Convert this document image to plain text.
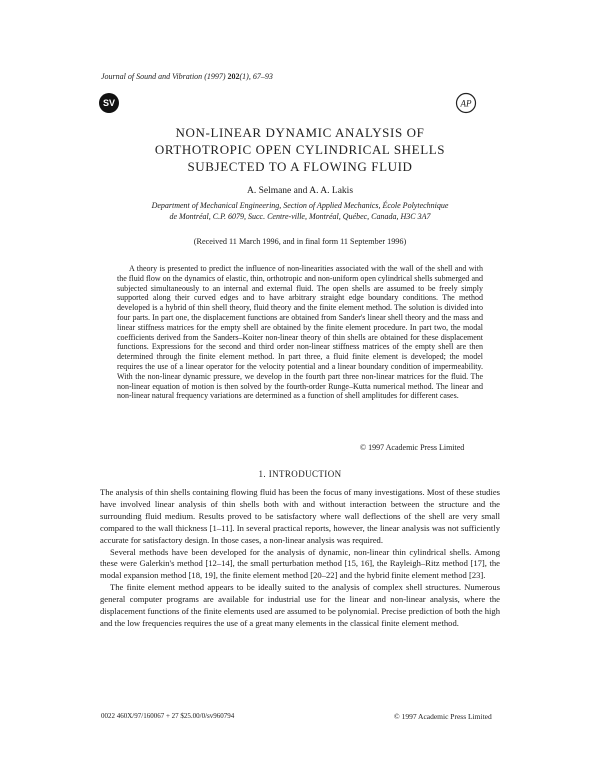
Journal of Sound and Vibration (1997) 202(1), 67–93
SV	AP
NON-LINEAR DYNAMIC ANALYSIS OF
ORTHOTROPIC OPEN CYLINDRICAL SHELLS
SUBJECTED TO A FLOWING FLUID
A. Selmane and A. A. Lakis
Department of Mechanical Engineering, Section of Applied Mechanics, École Polytechnique
de Montréal, C.P. 6079, Succ. Centre-ville, Montréal, Québec, Canada, H3C 3A7
(Received 11 March 1996, and in final form 11 September 1996)

A theory is presented to predict the influence of non-linearities associated with the wall of the shell and with the fluid flow on the dynamics of elastic, thin, orthotropic and non-uniform open cylindrical shells submerged and subjected simultaneously to an internal and external fluid. The open shells are assumed to be freely simply supported along their curved edges and to have arbitrary straight edge boundary conditions. The method developed is a hybrid of thin shell theory, fluid theory and the finite element method. The solution is divided into four parts. In part one, the displacement functions are obtained from Sander's linear shell theory and the mass and linear stiffness matrices for the empty shell are obtained by the finite element procedure. In part two, the modal coefficients derived from the Sanders–Koiter non-linear theory of thin shells are obtained for these displacement functions. Expressions for the second and third order non-linear stiffness matrices of the empty shell are then determined through the finite element method. In part three, a fluid finite element is developed; the model requires the use of a linear operator for the velocity potential and a linear boundary condition of impermeability. With the non-linear dynamic pressure, we develop in the fourth part three non-linear matrices for the fluid. The non-linear equation of motion is then solved by the fourth-order Runge–Kutta numerical method. The linear and non-linear natural frequency variations are determined as a function of shell amplitudes for different cases.

© 1997 Academic Press Limited
1. INTRODUCTION

The analysis of thin shells containing flowing fluid has been the focus of many investigations. Most of these studies have involved linear analysis of thin shells both with and without interaction between the structure and the surrounding fluid medium. Results proved to be satisfactory where wall deflections of the shell are very small compared to the wall thickness [1–11]. In several practical reports, however, the linear analysis was not sufficiently accurate for satisfactory design. In those cases, a non-linear analysis was required.

Several methods have been developed for the analysis of dynamic, non-linear thin cylindrical shells. Among these were Galerkin's method [12–14], the small perturbation method [15, 16], the Rayleigh–Ritz method [17], the modal expansion method [18, 19], the finite element method [20–22] and the hybrid finite element method [23].

The finite element method appears to be ideally suited to the analysis of complex shell structures. Numerous general computer programs are available for industrial use for the linear and non-linear analysis, where the displacement functions of the finite elements used are assumed to be polynomial. Precise prediction of both the high and the low frequencies requires the use of a great many elements in the classical finite element method.

0022 460X/97/160067 + 27 $25.00/0/sv960794	© 1997 Academic Press Limited
